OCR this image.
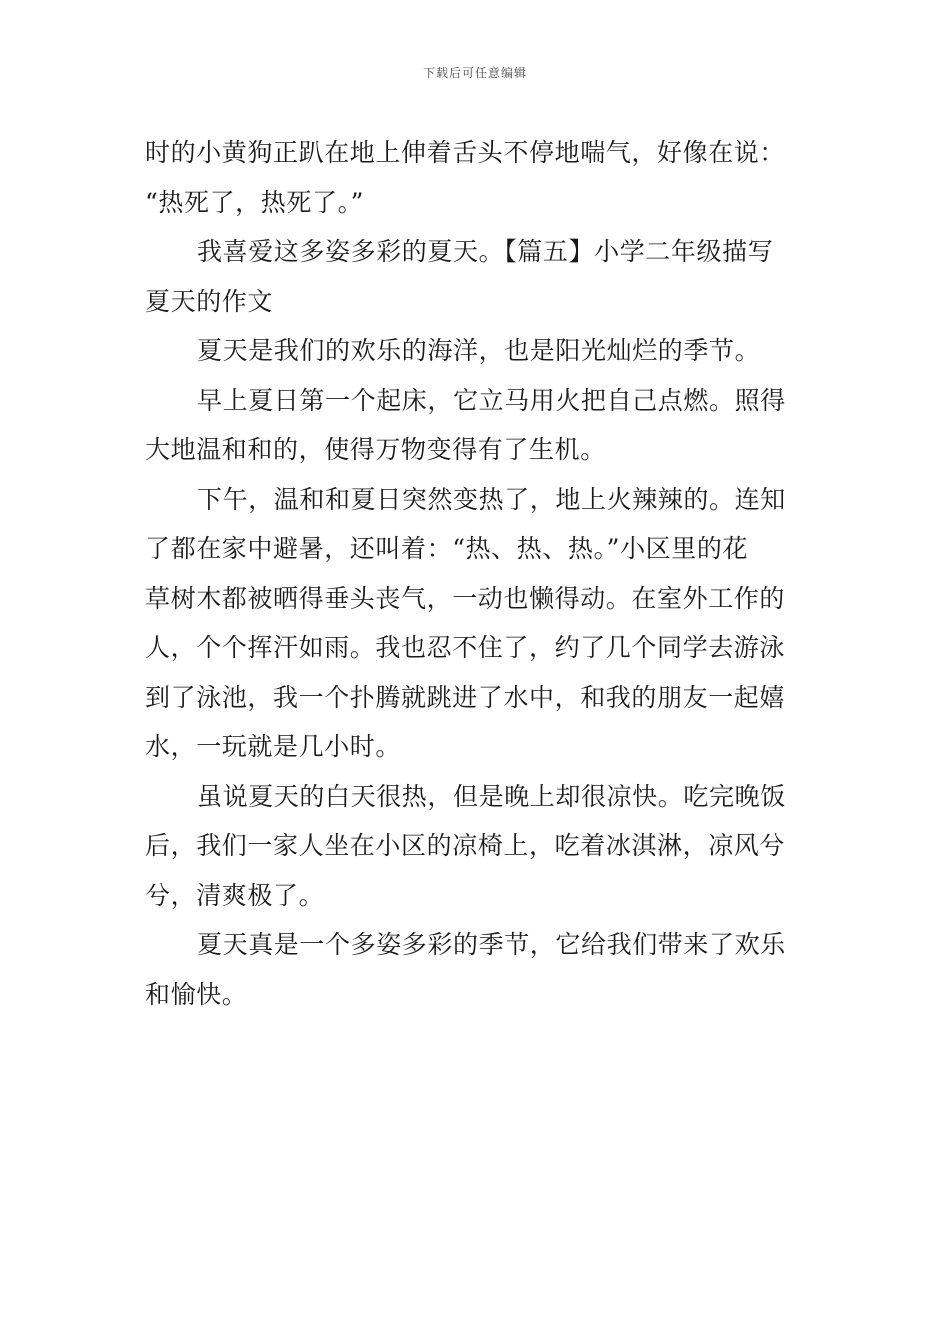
下载后可任意编辑
时的小黄狗正趴在地上伸着舌头不停地喘气，好像在说：
“热死了，热死了。”
我喜爱这多姿多彩的夏天。【篇五】小学二年级描写
夏天的作文
夏天是我们的欢乐的海洋，也是阳光灿烂的季节。
早上夏日第一个起床，它立马用火把自己点燃。照得
大地温和和的，使得万物变得有了生机。
下午，温和和夏日突然变热了，地上火辣辣的。连知
了都在家中避暑，还叫着：“热、热、热。”小区里的花
草树木都被晒得垂头丧气，一动也懒得动。在室外工作的
人，个个挥汗如雨。我也忍不住了，约了几个同学去游泳
到了泳池，我一个扑腾就跳进了水中，和我的朋友一起嬉
水，一玩就是几小时。
虽说夏天的白天很热，但是晚上却很凉快。吃完晚饭
后，我们一家人坐在小区的凉椅上，吃着冰淇淋，凉风兮
兮，清爽极了。
夏天真是一个多姿多彩的季节，它给我们带来了欢乐
和愉快。
